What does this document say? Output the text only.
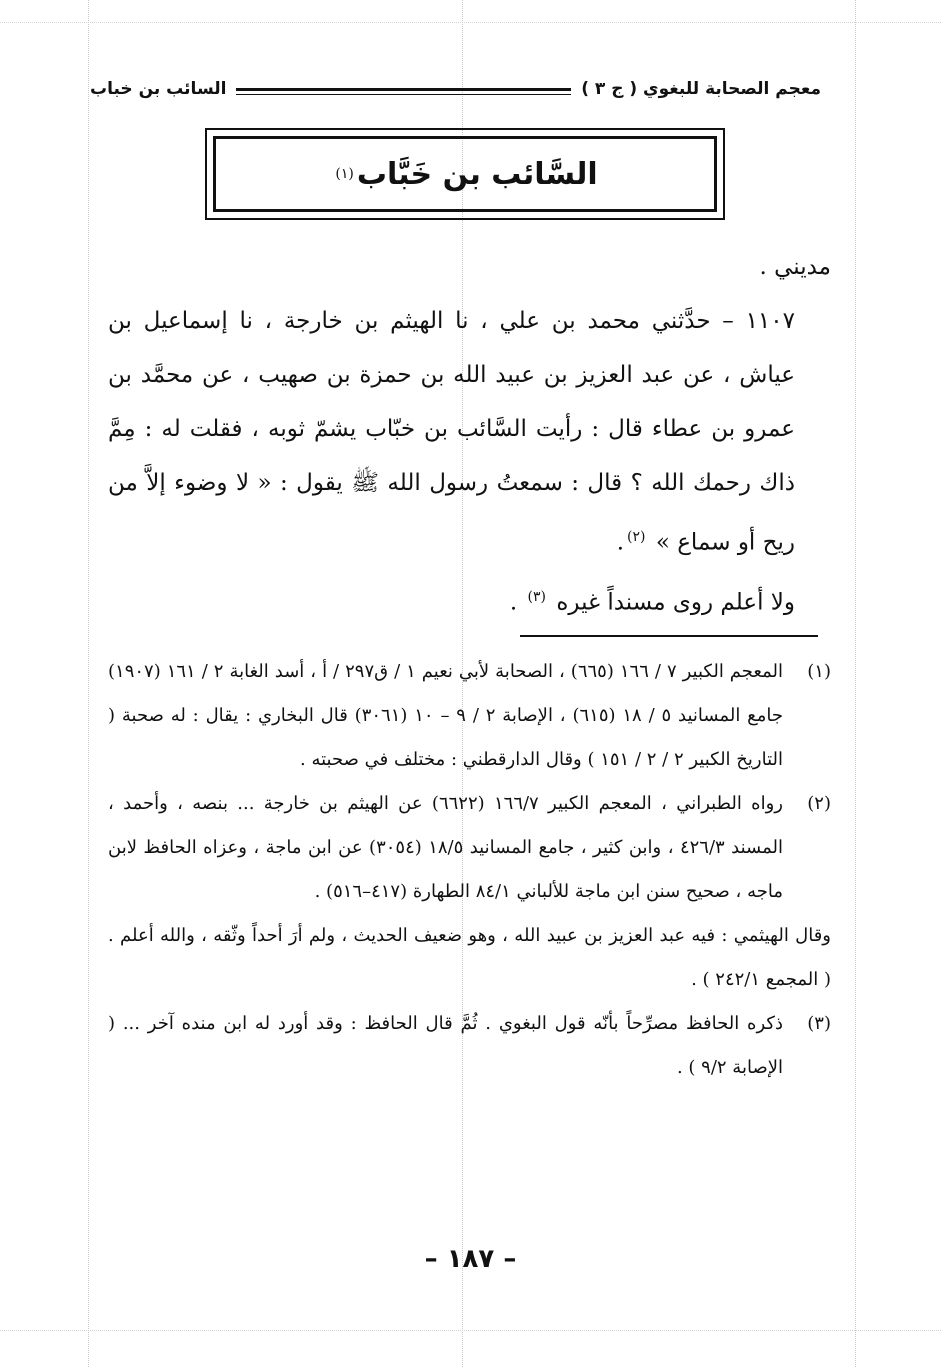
معجم الصحابة للبغوي ( ج ٣ )
السائب بن خباب
السَّائب بن خَبَّاب
(١)

مديني .

١١٠٧ – حدَّثني محمد بن علي ، نا الهيثم بن خارجة ، نا إسماعيل بن عياش ، عن عبد العزيز بن عبيد الله بن حمزة بن صهيب ، عن محمَّد بن عمرو بن عطاء قال : رأيت السَّائب بن خبّاب يشمّ ثوبه ، فقلت له : مِمَّ ذاك رحمك الله ؟ قال : سمعتُ رسول الله ﷺ يقول : « لا وضوء إلاَّ من ريح أو سماع » $^{(٢)}$.

ولا أعلم روى مسنداً غيره $^{(٣)}$ .

(١)

المعجم الكبير ٧ / ١٦٦ (٦٦٥) ، الصحابة لأبي نعيم ١ / ق٢٩٧ / أ ، أسد الغابة ٢ / ١٦١ (١٩٠٧) جامع المسانيد ٥ / ١٨ (٦١٥) ، الإصابة ٢ / ٩ – ١٠ (٣٠٦١) قال البخاري : يقال : له صحبة ( التاريخ الكبير ٢ / ٢ / ١٥١ ) وقال الدارقطني : مختلف في صحبته .

(٢)

رواه الطبراني ، المعجم الكبير ١٦٦/٧ (٦٦٢٢) عن الهيثم بن خارجة ... بنصه ، وأحمد ، المسند ٤٢٦/٣ ، وابن كثير ، جامع المسانيد ١٨/٥ (٣٠٥٤) عن ابن ماجة ، وعزاه الحافظ لابن ماجه ، صحيح سنن ابن ماجة للألباني ٨٤/١ الطهارة (٤١٧–٥١٦) .

وقال الهيثمي : فيه عبد العزيز بن عبيد الله ، وهو ضعيف الحديث ، ولم أرَ أحداً وثّقه ، والله أعلم . ( المجمع ٢٤٢/١ ) .

(٣)

ذكره الحافظ مصرِّحاً بأنّه قول البغوي . ثُمَّ قال الحافظ : وقد أورد له ابن منده آخر ... ( الإصابة ٩/٢ ) .

– ١٨٧ –
